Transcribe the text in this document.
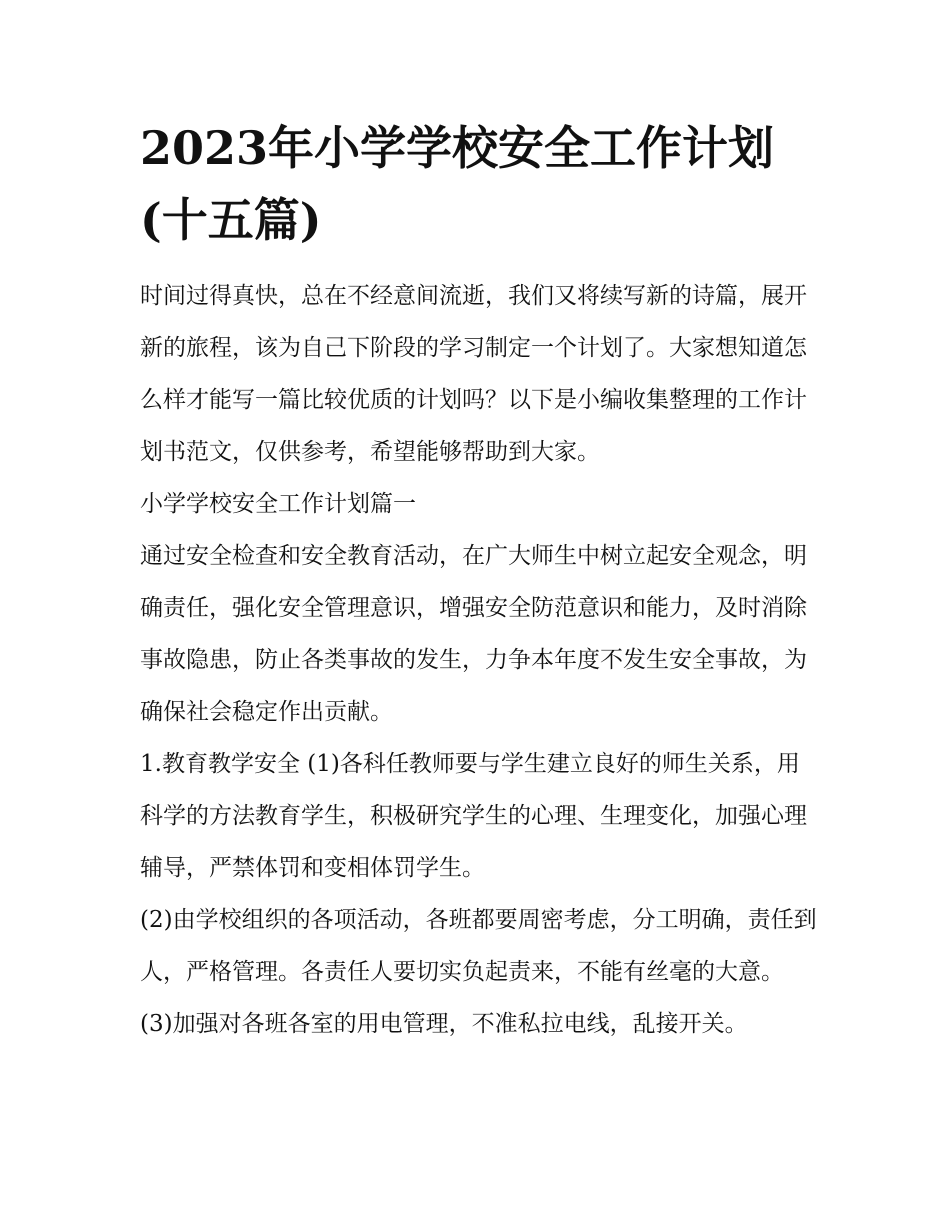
2023年小学学校安全工作计划(十五篇)

时间过得真快，总在不经意间流逝，我们又将续写新的诗篇，展开新的旅程，该为自己下阶段的学习制定一个计划了。大家想知道怎么样才能写一篇比较优质的计划吗？以下是小编收集整理的工作计划书范文，仅供参考，希望能够帮助到大家。

小学学校安全工作计划篇一

通过安全检查和安全教育活动，在广大师生中树立起安全观念，明确责任，强化安全管理意识，增强安全防范意识和能力，及时消除事故隐患，防止各类事故的发生，力争本年度不发生安全事故，为确保社会稳定作出贡献。

1.教育教学安全 (1)各科任教师要与学生建立良好的师生关系，用科学的方法教育学生，积极研究学生的心理、生理变化，加强心理辅导，严禁体罚和变相体罚学生。

(2)由学校组织的各项活动，各班都要周密考虑，分工明确，责任到人，严格管理。各责任人要切实负起责来，不能有丝毫的大意。

(3)加强对各班各室的用电管理，不准私拉电线，乱接开关。
